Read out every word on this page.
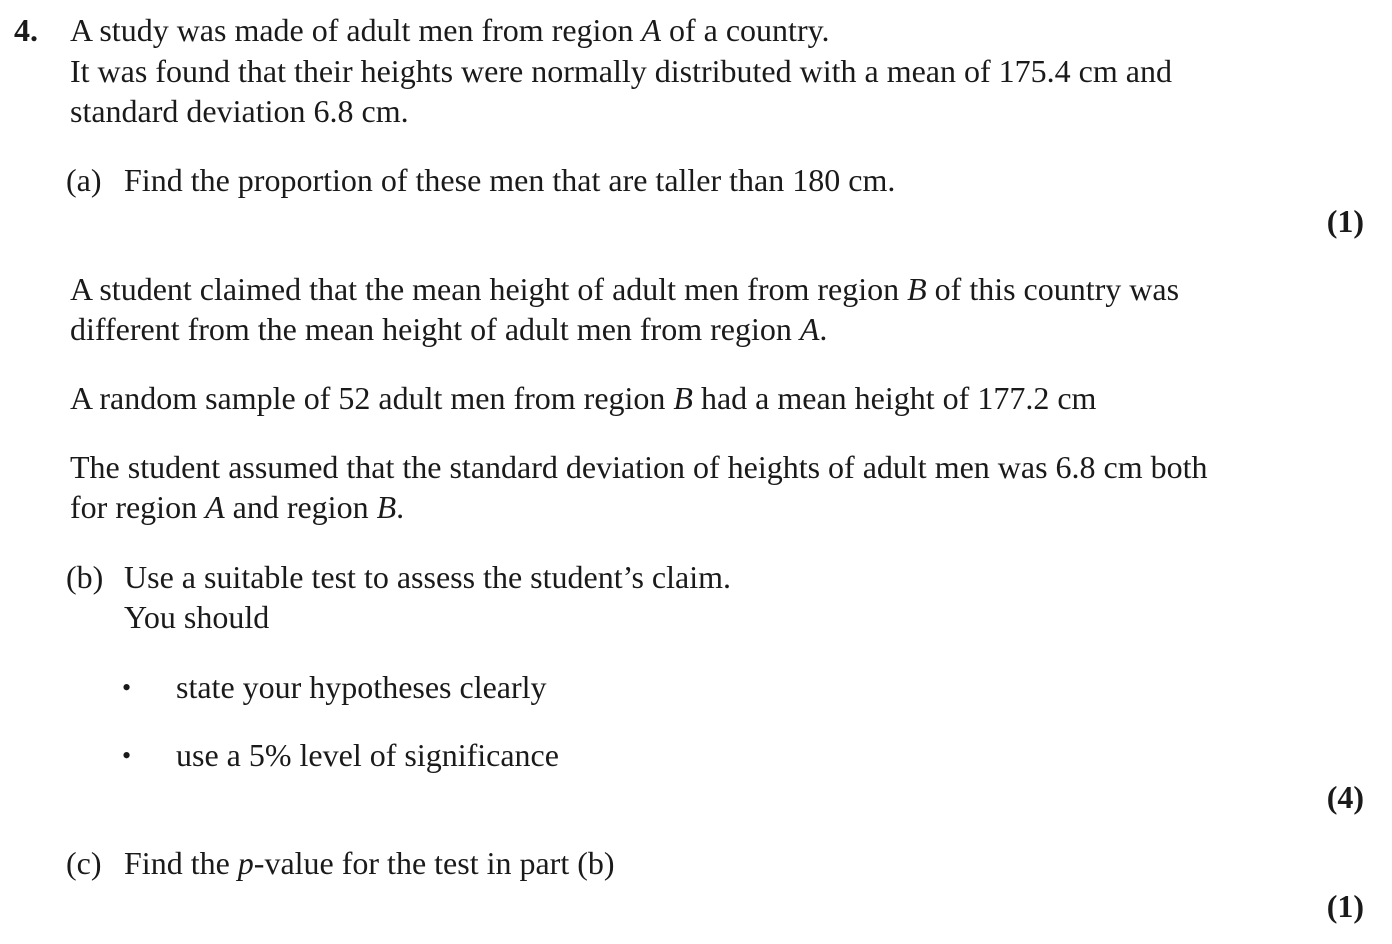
4. A study was made of adult men from region A of a country.
It was found that their heights were normally distributed with a mean of 175.4 cm and
standard deviation 6.8 cm.
(a) Find the proportion of these men that are taller than 180 cm.
(1)
A student claimed that the mean height of adult men from region B of this country was
different from the mean height of adult men from region A.
A random sample of 52 adult men from region B had a mean height of 177.2 cm
The student assumed that the standard deviation of heights of adult men was 6.8 cm both
for region A and region B.
(b) Use a suitable test to assess the student’s claim.
You should
• state your hypotheses clearly
• use a 5% level of significance
(4)
(c) Find the p-value for the test in part (b)
(1)
